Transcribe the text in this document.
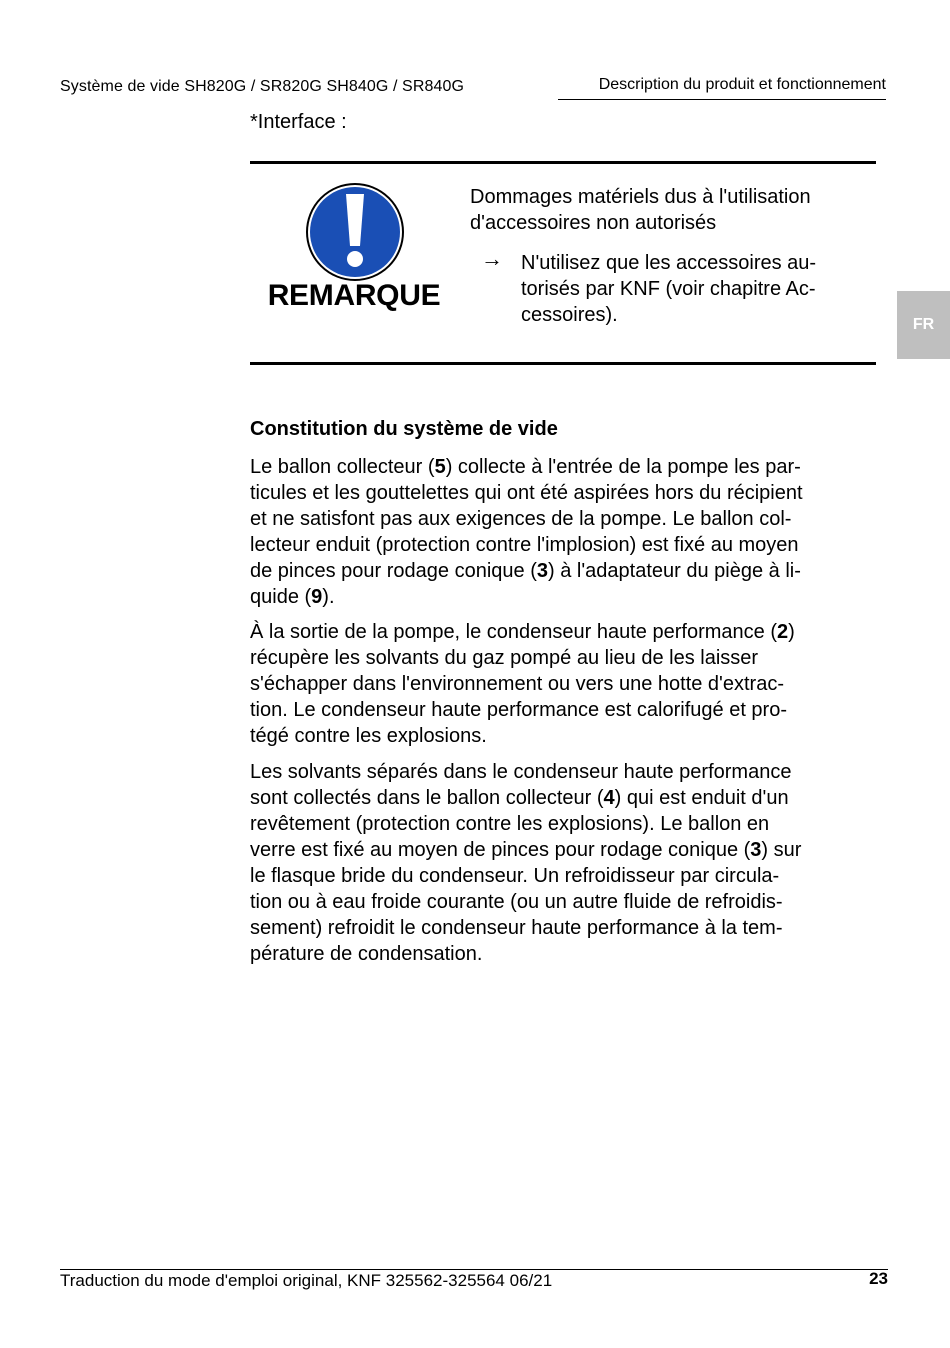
Système de vide SH820G / SR820G SH840G / SR840G	Description du produit et fonctionnement
*Interface :
REMARQUE
Dommages matériels dus à l'utilisation
d'accessoires non autorisés
→ N'utilisez que les accessoires au-
torisés par KNF (voir chapitre Ac-
cessoires).	FR
Constitution du système de vide
Le ballon collecteur (5) collecte à l'entrée de la pompe les par-
ticules et les gouttelettes qui ont été aspirées hors du récipient
et ne satisfont pas aux exigences de la pompe. Le ballon col-
lecteur enduit (protection contre l'implosion) est fixé au moyen
de pinces pour rodage conique (3) à l'adaptateur du piège à li-
quide (9).
À la sortie de la pompe, le condenseur haute performance (2)
récupère les solvants du gaz pompé au lieu de les laisser
s'échapper dans l'environnement ou vers une hotte d'extrac-
tion. Le condenseur haute performance est calorifugé et pro-
tégé contre les explosions.
Les solvants séparés dans le condenseur haute performance
sont collectés dans le ballon collecteur (4) qui est enduit d'un
revêtement (protection contre les explosions). Le ballon en
verre est fixé au moyen de pinces pour rodage conique (3) sur
le flasque bride du condenseur. Un refroidisseur par circula-
tion ou à eau froide courante (ou un autre fluide de refroidis-
sement) refroidit le condenseur haute performance à la tem-
pérature de condensation.
Traduction du mode d'emploi original, KNF 325562-325564 06/21	23
